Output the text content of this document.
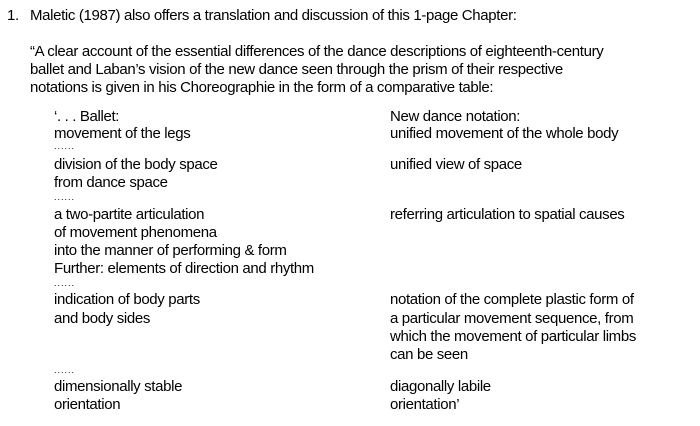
1. Maletic (1987) also offers a translation and discussion of this 1-page Chapter:
“A clear account of the essential differences of the dance descriptions of eighteenth-century
ballet and Laban’s vision of the new dance seen through the prism of their respective
notations is given in his Choreographie in the form of a comparative table:
‘. . . Ballet:	New dance notation:
movement of the legs	unified movement of the whole body
......
division of the body space
from dance space
unified view of space
......
a two-partite articulation
of movement phenomena
into the manner of performing & form
Further: elements of direction and rhythm
referring articulation to spatial causes
......
indication of body parts
and body sides
notation of the complete plastic form of
a particular movement sequence, from
which the movement of particular limbs
can be seen
......
dimensionally stable
orientation
diagonally labile
orientation’
